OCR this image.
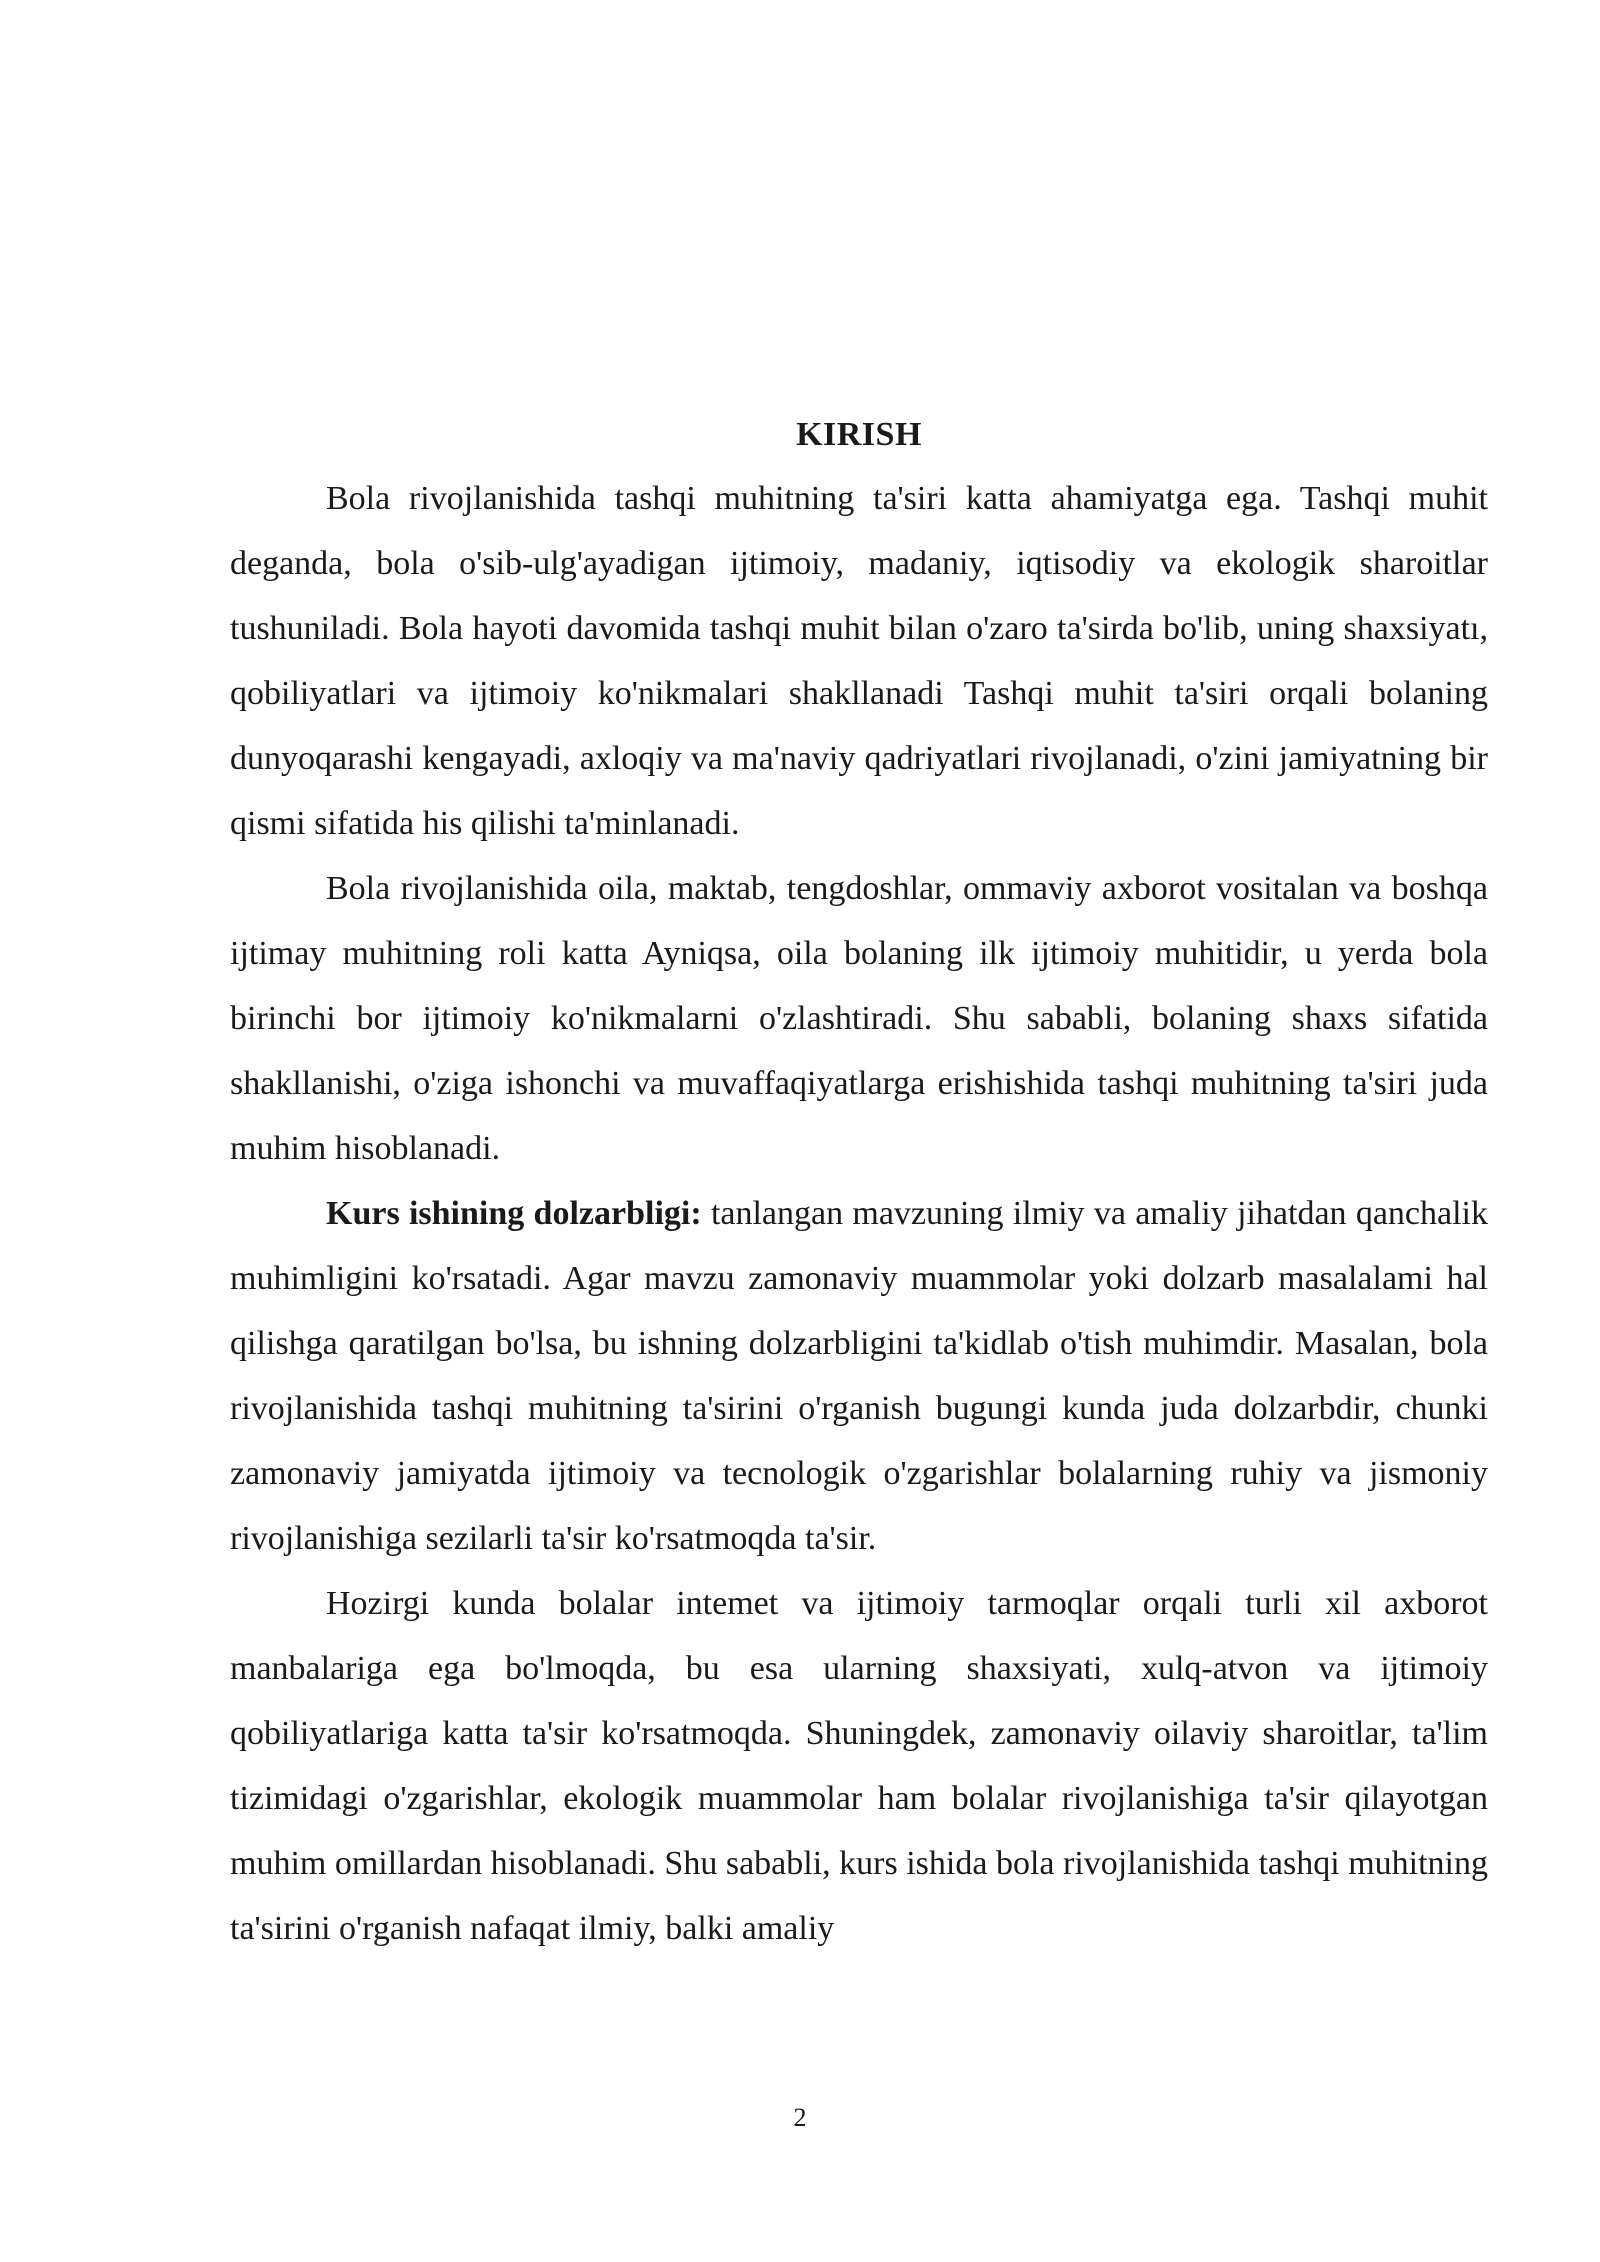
KIRISH

Bola rivojlanishida tashqi muhitning ta'siri katta ahamiyatga ega. Tashqi muhit deganda, bola o'sib-ulg'ayadigan ijtimoiy, madaniy, iqtisodiy va ekologik sharoitlar tushuniladi. Bola hayoti davomida tashqi muhit bilan o'zaro ta'sirda bo'lib, uning shaxsiyatı, qobiliyatlari va ijtimoiy ko'nikmalari shakllanadi Tashqi muhit ta'siri orqali bolaning dunyoqarashi kengayadi, axloqiy va ma'naviy qadriyatlari rivojlanadi, o'zini jamiyatning bir qismi sifatida his qilishi ta'minlanadi.

Bola rivojlanishida oila, maktab, tengdoshlar, ommaviy axborot vositalan va boshqa ijtimay muhitning roli katta Ayniqsa, oila bolaning ilk ijtimoiy muhitidir, u yerda bola birinchi bor ijtimoiy ko'nikmalarni o'zlashtiradi. Shu sababli, bolaning shaxs sifatida shakllanishi, o'ziga ishonchi va muvaffaqiyatlarga erishishida tashqi muhitning ta'siri juda muhim hisoblanadi.

Kurs ishining dolzarbligi: tanlangan mavzuning ilmiy va amaliy jihatdan qanchalik muhimligini ko'rsatadi. Agar mavzu zamonaviy muammolar yoki dolzarb masalalami hal qilishga qaratilgan bo'lsa, bu ishning dolzarbligini ta'kidlab o'tish muhimdir. Masalan, bola rivojlanishida tashqi muhitning ta'sirini o'rganish bugungi kunda juda dolzarbdir, chunki zamonaviy jamiyatda ijtimoiy va tecnologik o'zgarishlar bolalarning ruhiy va jismoniy rivojlanishiga sezilarli ta'sir ko'rsatmoqda ta'sir.

Hozirgi kunda bolalar intemet va ijtimoiy tarmoqlar orqali turli xil axborot manbalariga ega bo'lmoqda, bu esa ularning shaxsiyati, xulq-atvon va ijtimoiy qobiliyatlariga katta ta'sir ko'rsatmoqda. Shuningdek, zamonaviy oilaviy sharoitlar, ta'lim tizimidagi o'zgarishlar, ekologik muammolar ham bolalar rivojlanishiga ta'sir qilayotgan muhim omillardan hisoblanadi. Shu sababli, kurs ishida bola rivojlanishida tashqi muhitning ta'sirini o'rganish nafaqat ilmiy, balki amaliy

2
